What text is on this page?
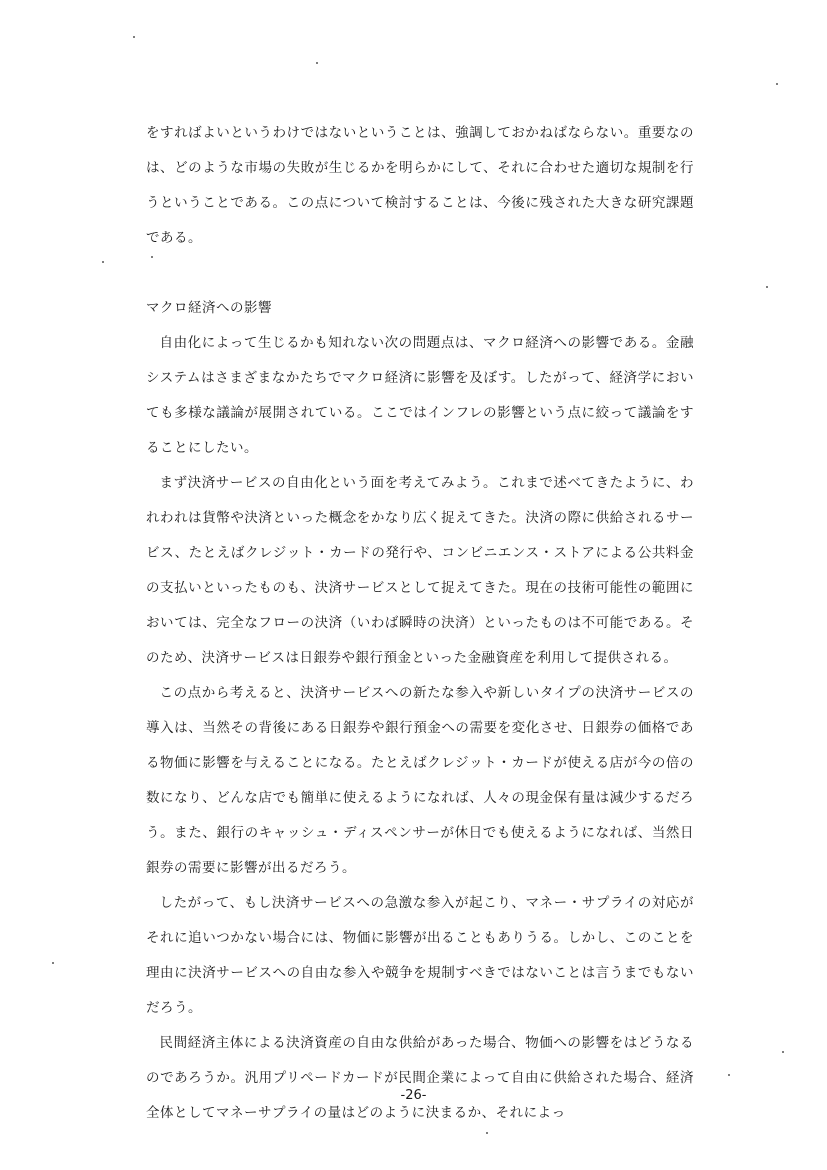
をすればよいというわけではないということは、強調しておかねばならない。重要なのは、どのような市場の失敗が生じるかを明らかにして、それに合わせた適切な規制を行うということである。この点について検討することは、今後に残された大きな研究課題である。

マクロ経済への影響

自由化によって生じるかも知れない次の問題点は、マクロ経済への影響である。金融システムはさまざまなかたちでマクロ経済に影響を及ぼす。したがって、経済学においても多様な議論が展開されている。ここではインフレの影響という点に絞って議論をすることにしたい。

まず決済サービスの自由化という面を考えてみよう。これまで述べてきたように、われわれは貨幣や決済といった概念をかなり広く捉えてきた。決済の際に供給されるサービス、たとえばクレジット・カードの発行や、コンビニエンス・ストアによる公共料金の支払いといったものも、決済サービスとして捉えてきた。現在の技術可能性の範囲においては、完全なフローの決済（いわば瞬時の決済）といったものは不可能である。そのため、決済サービスは日銀券や銀行預金といった金融資産を利用して提供される。

この点から考えると、決済サービスへの新たな参入や新しいタイプの決済サービスの導入は、当然その背後にある日銀券や銀行預金への需要を変化させ、日銀券の価格である物価に影響を与えることになる。たとえばクレジット・カードが使える店が今の倍の数になり、どんな店でも簡単に使えるようになれば、人々の現金保有量は減少するだろう。また、銀行のキャッシュ・ディスペンサーが休日でも使えるようになれば、当然日銀券の需要に影響が出るだろう。

したがって、もし決済サービスへの急激な参入が起こり、マネー・サプライの対応がそれに追いつかない場合には、物価に影響が出ることもありうる。しかし、このことを理由に決済サービスへの自由な参入や競争を規制すべきではないことは言うまでもないだろう。

民間経済主体による決済資産の自由な供給があった場合、物価への影響をはどうなるのであろうか。汎用プリペードカードが民間企業によって自由に供給された場合、経済全体としてマネーサプライの量はどのように決まるか、それによっ

-26-
